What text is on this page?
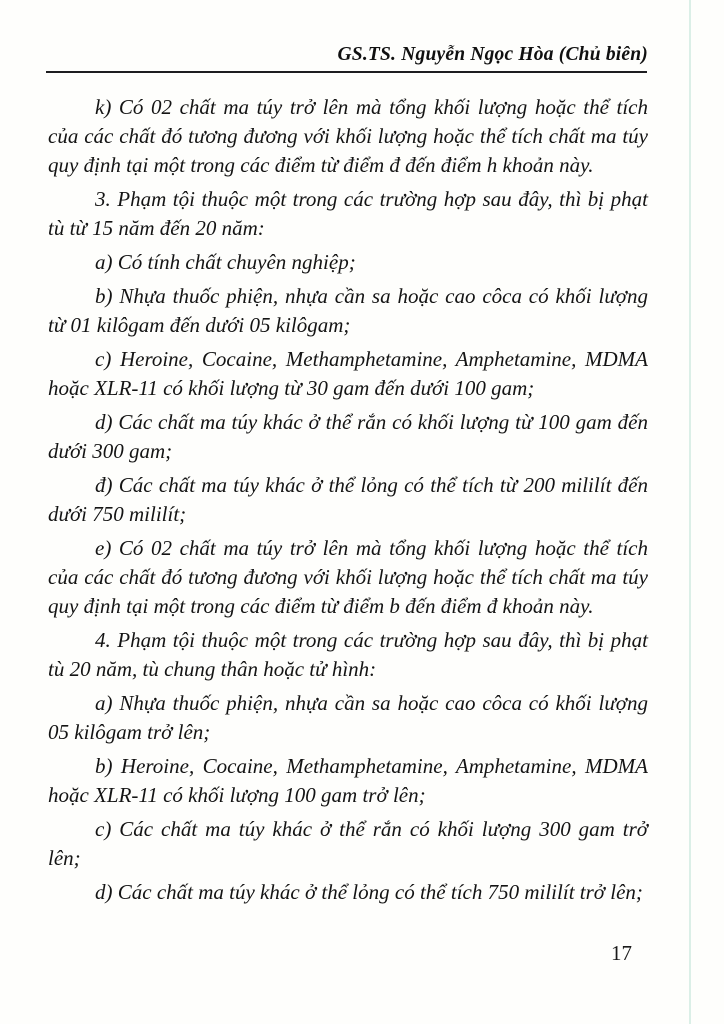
GS.TS. Nguyễn Ngọc Hòa (Chủ biên)

k) Có 02 chất ma túy trở lên mà tổng khối lượng hoặc thể tích của các chất đó tương đương với khối lượng hoặc thể tích chất ma túy quy định tại một trong các điểm từ điểm đ đến điểm h khoản này.

3. Phạm tội thuộc một trong các trường hợp sau đây, thì bị phạt tù từ 15 năm đến 20 năm:

a) Có tính chất chuyên nghiệp;

b) Nhựa thuốc phiện, nhựa cần sa hoặc cao côca có khối lượng từ 01 kilôgam đến dưới 05 kilôgam;

c) Heroine, Cocaine, Methamphetamine, Amphetamine, MDMA hoặc XLR-11 có khối lượng từ 30 gam đến dưới 100 gam;

d) Các chất ma túy khác ở thể rắn có khối lượng từ 100 gam đến dưới 300 gam;

đ) Các chất ma túy khác ở thể lỏng có thể tích từ 200 mililít đến dưới 750 mililít;

e) Có 02 chất ma túy trở lên mà tổng khối lượng hoặc thể tích của các chất đó tương đương với khối lượng hoặc thể tích chất ma túy quy định tại một trong các điểm từ điểm b đến điểm đ khoản này.

4. Phạm tội thuộc một trong các trường hợp sau đây, thì bị phạt tù 20 năm, tù chung thân hoặc tử hình:

a) Nhựa thuốc phiện, nhựa cần sa hoặc cao côca có khối lượng 05 kilôgam trở lên;

b) Heroine, Cocaine, Methamphetamine, Amphetamine, MDMA hoặc XLR-11 có khối lượng 100 gam trở lên;

c) Các chất ma túy khác ở thể rắn có khối lượng 300 gam trở lên;

d) Các chất ma túy khác ở thể lỏng có thể tích 750 mililít trở lên;

17
